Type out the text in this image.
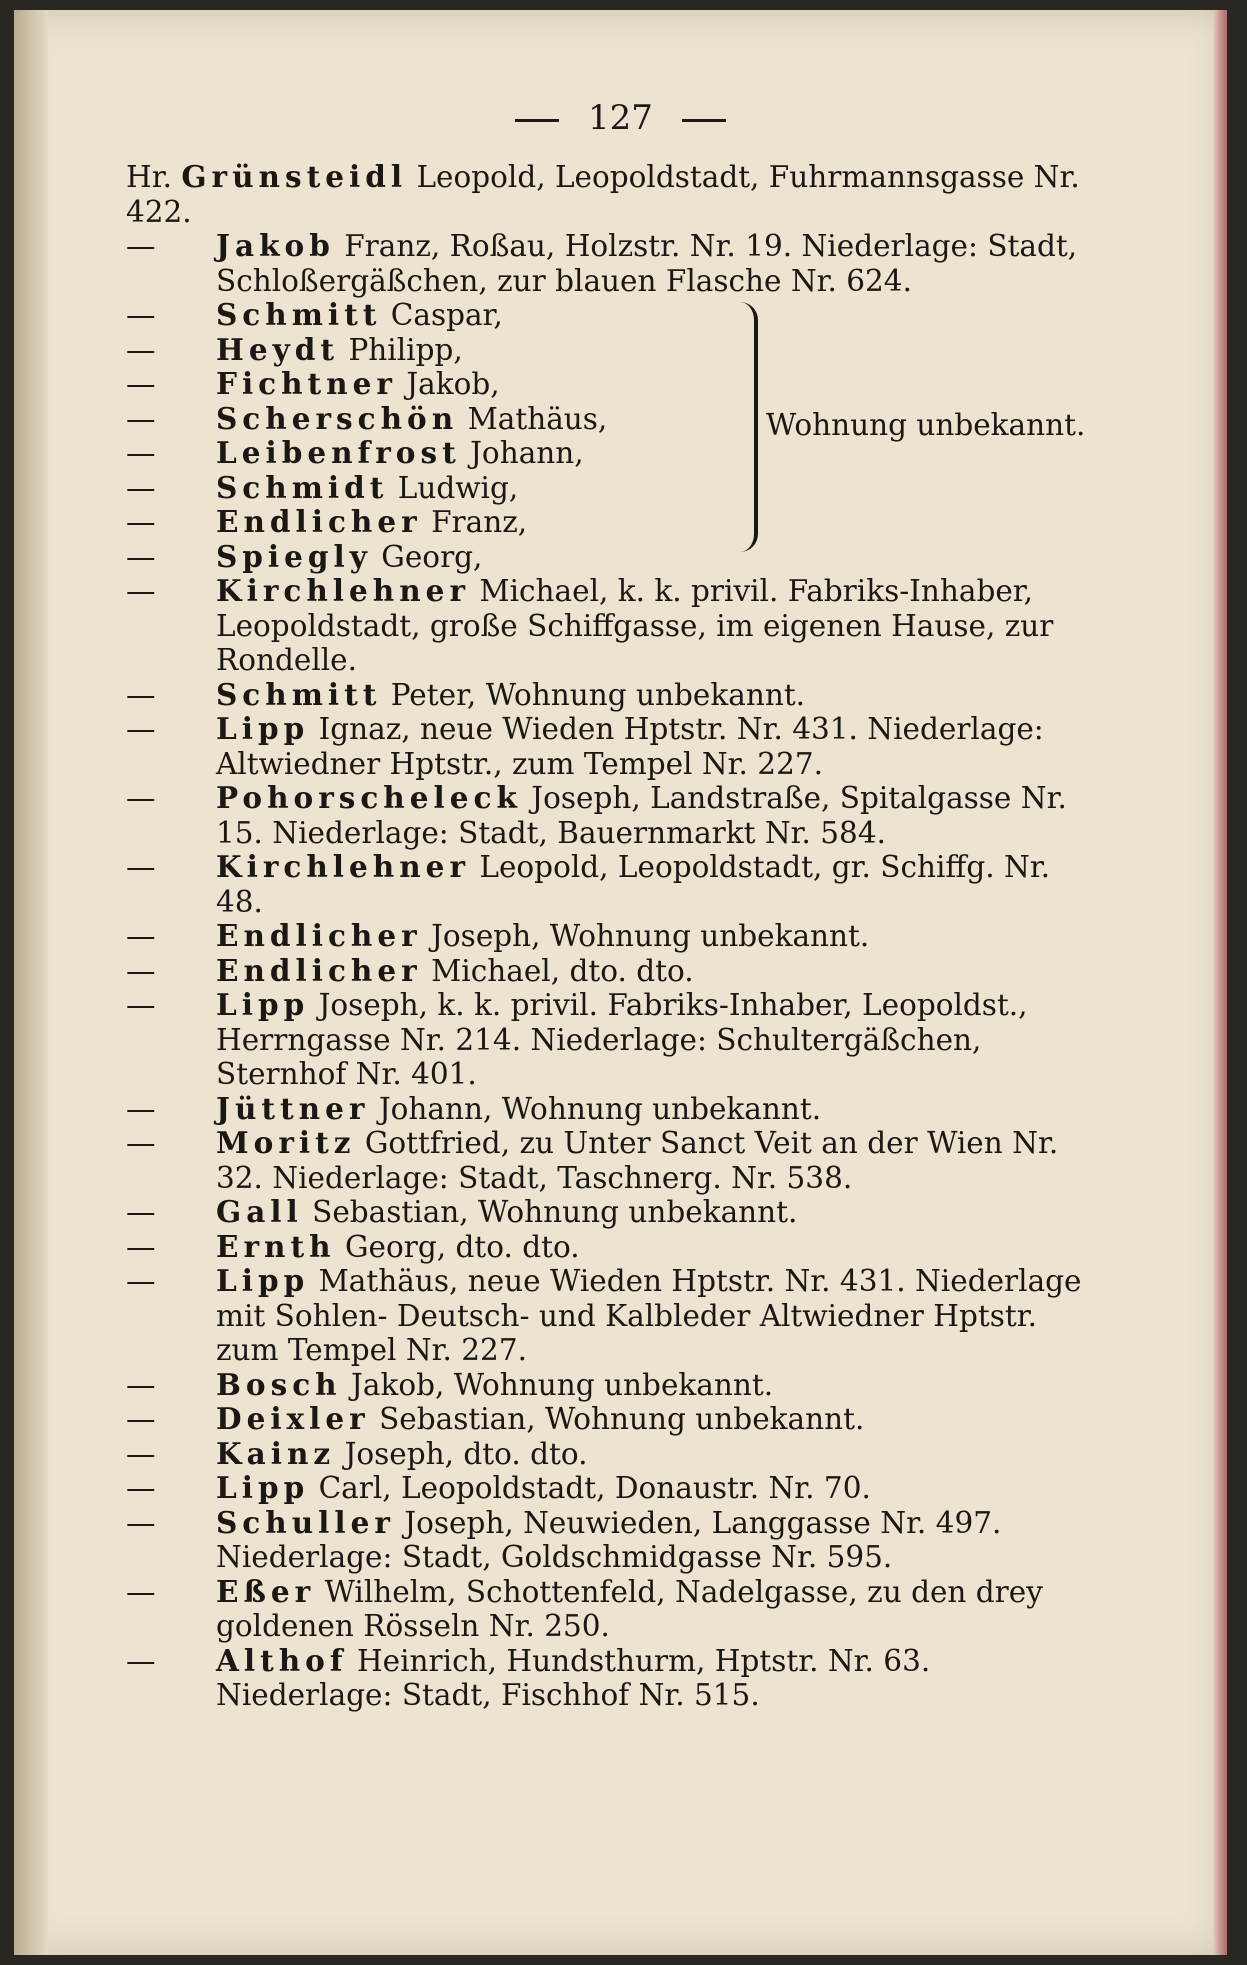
127
Hr. Grünsteidl Leopold, Leopoldstadt, Fuhrmannsgasse Nr. 422.
—	Jakob Franz, Roßau, Holzstr. Nr. 19. Niederlage: Stadt, Schloßergäßchen, zur blauen Flasche Nr. 624.
—	Schmitt Caspar,
—	Heydt Philipp,
—	Fichtner Jakob,
—	Scherschön Mathäus,
—	Leibenfrost Johann,
—	Schmidt Ludwig,
—	Endlicher Franz,
—	Spiegly Georg,
Wohnung unbekannt.
—	Kirchlehner Michael, k. k. privil. Fabriks-Inhaber, Leopoldstadt, große Schiffgasse, im eigenen Hause, zur Rondelle.
—	Schmitt Peter, Wohnung unbekannt.
—	Lipp Ignaz, neue Wieden Hptstr. Nr. 431. Niederlage: Altwiedner Hptstr., zum Tempel Nr. 227.
—	Pohorscheleck Joseph, Landstraße, Spitalgasse Nr. 15. Niederlage: Stadt, Bauernmarkt Nr. 584.
—	Kirchlehner Leopold, Leopoldstadt, gr. Schiffg. Nr. 48.
—	Endlicher Joseph, Wohnung unbekannt.
—	Endlicher Michael, dto. dto.
—	Lipp Joseph, k. k. privil. Fabriks-Inhaber, Leopoldst., Herrngasse Nr. 214. Niederlage: Schultergäßchen, Sternhof Nr. 401.
—	Jüttner Johann, Wohnung unbekannt.
—	Moritz Gottfried, zu Unter Sanct Veit an der Wien Nr. 32. Niederlage: Stadt, Taschnerg. Nr. 538.
—	Gall Sebastian, Wohnung unbekannt.
—	Ernth Georg, dto. dto.
—	Lipp Mathäus, neue Wieden Hptstr. Nr. 431. Niederlage mit Sohlen- Deutsch- und Kalbleder Altwiedner Hptstr. zum Tempel Nr. 227.
—	Bosch Jakob, Wohnung unbekannt.
—	Deixler Sebastian, Wohnung unbekannt.
—	Kainz Joseph, dto. dto.
—	Lipp Carl, Leopoldstadt, Donaustr. Nr. 70.
—	Schuller Joseph, Neuwieden, Langgasse Nr. 497. Niederlage: Stadt, Goldschmidgasse Nr. 595.
—	Eßer Wilhelm, Schottenfeld, Nadelgasse, zu den drey goldenen Rösseln Nr. 250.
—	Althof Heinrich, Hundsthurm, Hptstr. Nr. 63. Niederlage: Stadt, Fischhof Nr. 515.
